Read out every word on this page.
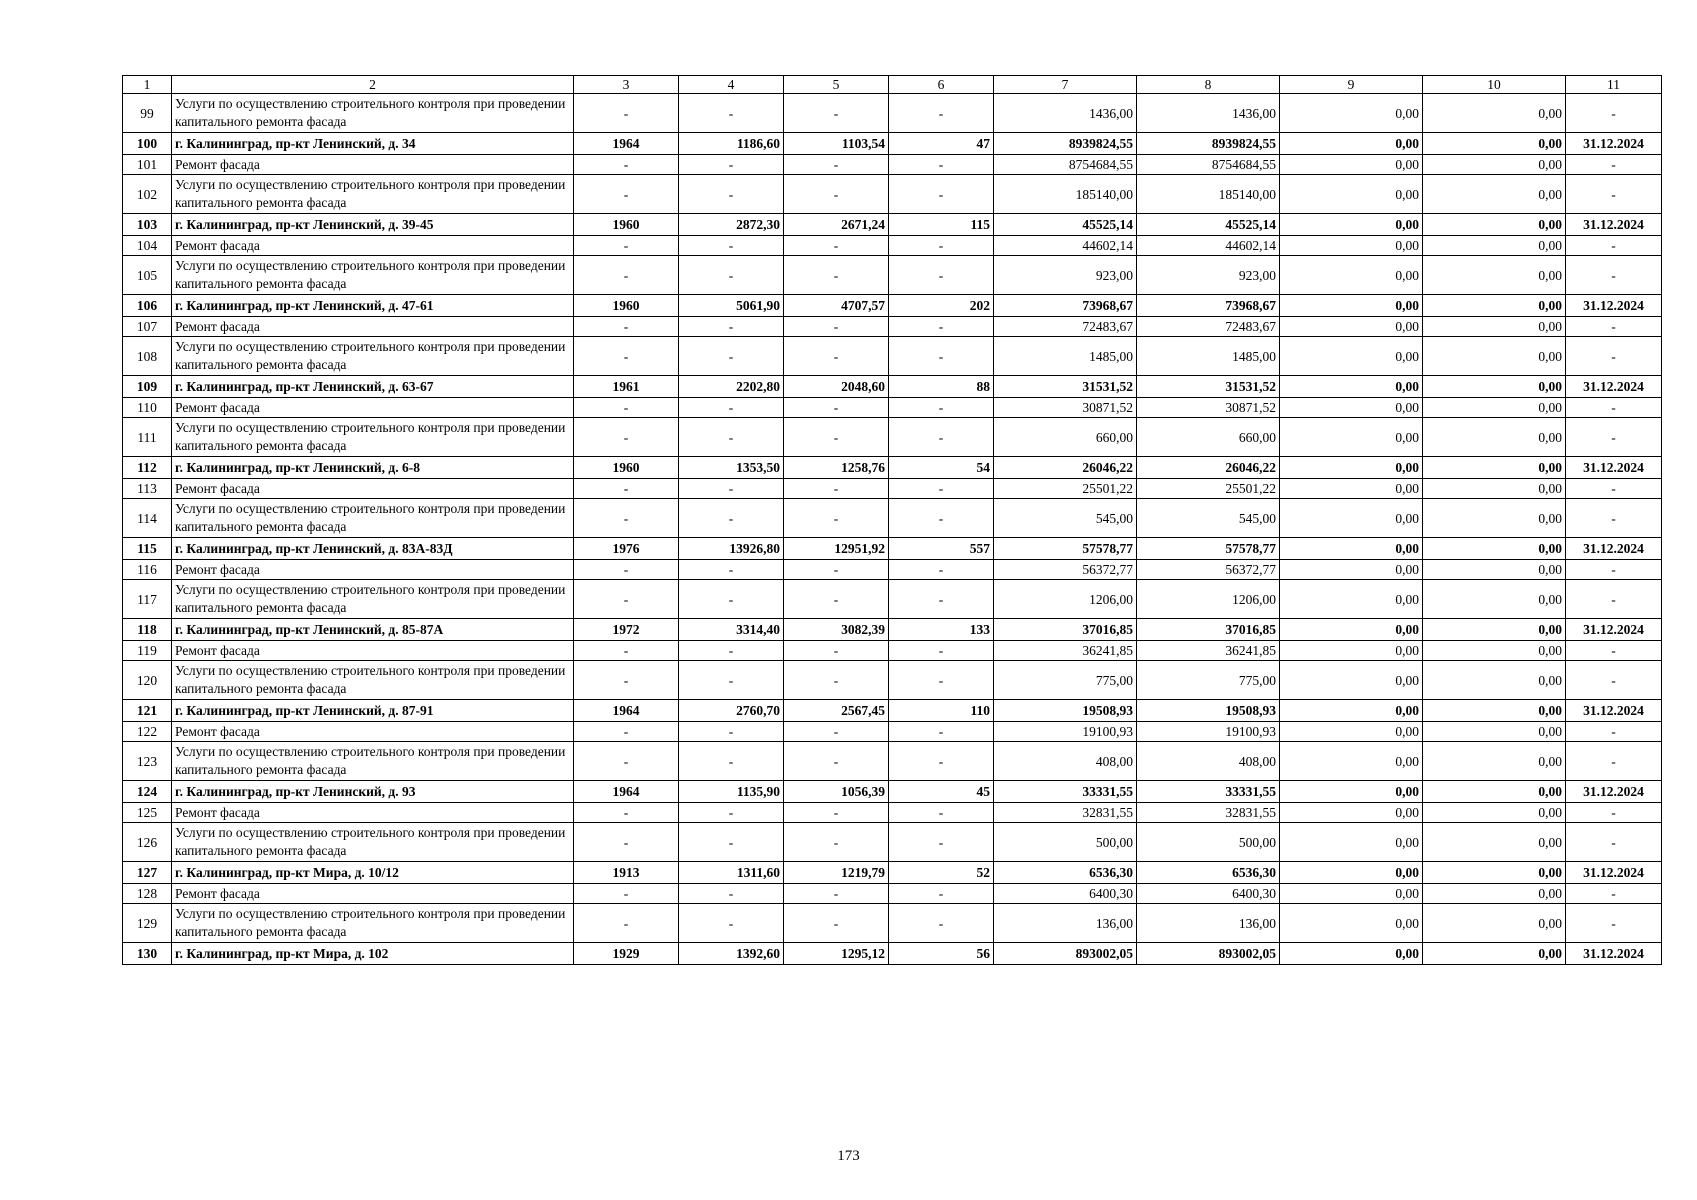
1	2	3	4	5	6	7	8	9	10	11
99	Услуги по осуществлению строительного контроля при проведении капитального ремонта фасада	-	-	-	-	1436,00	1436,00	0,00	0,00	-
100	г. Калининград, пр-кт Ленинский, д. 34	1964	1186,60	1103,54	47	8939824,55	8939824,55	0,00	0,00	31.12.2024
101	Ремонт фасада	-	-	-	-	8754684,55	8754684,55	0,00	0,00	-
102	Услуги по осуществлению строительного контроля при проведении капитального ремонта фасада	-	-	-	-	185140,00	185140,00	0,00	0,00	-
103	г. Калининград, пр-кт Ленинский, д. 39-45	1960	2872,30	2671,24	115	45525,14	45525,14	0,00	0,00	31.12.2024
104	Ремонт фасада	-	-	-	-	44602,14	44602,14	0,00	0,00	-
105	Услуги по осуществлению строительного контроля при проведении капитального ремонта фасада	-	-	-	-	923,00	923,00	0,00	0,00	-
106	г. Калининград, пр-кт Ленинский, д. 47-61	1960	5061,90	4707,57	202	73968,67	73968,67	0,00	0,00	31.12.2024
107	Ремонт фасада	-	-	-	-	72483,67	72483,67	0,00	0,00	-
108	Услуги по осуществлению строительного контроля при проведении капитального ремонта фасада	-	-	-	-	1485,00	1485,00	0,00	0,00	-
109	г. Калининград, пр-кт Ленинский, д. 63-67	1961	2202,80	2048,60	88	31531,52	31531,52	0,00	0,00	31.12.2024
110	Ремонт фасада	-	-	-	-	30871,52	30871,52	0,00	0,00	-
111	Услуги по осуществлению строительного контроля при проведении капитального ремонта фасада	-	-	-	-	660,00	660,00	0,00	0,00	-
112	г. Калининград, пр-кт Ленинский, д. 6-8	1960	1353,50	1258,76	54	26046,22	26046,22	0,00	0,00	31.12.2024
113	Ремонт фасада	-	-	-	-	25501,22	25501,22	0,00	0,00	-
114	Услуги по осуществлению строительного контроля при проведении капитального ремонта фасада	-	-	-	-	545,00	545,00	0,00	0,00	-
115	г. Калининград, пр-кт Ленинский, д. 83А-83Д	1976	13926,80	12951,92	557	57578,77	57578,77	0,00	0,00	31.12.2024
116	Ремонт фасада	-	-	-	-	56372,77	56372,77	0,00	0,00	-
117	Услуги по осуществлению строительного контроля при проведении капитального ремонта фасада	-	-	-	-	1206,00	1206,00	0,00	0,00	-
118	г. Калининград, пр-кт Ленинский, д. 85-87А	1972	3314,40	3082,39	133	37016,85	37016,85	0,00	0,00	31.12.2024
119	Ремонт фасада	-	-	-	-	36241,85	36241,85	0,00	0,00	-
120	Услуги по осуществлению строительного контроля при проведении капитального ремонта фасада	-	-	-	-	775,00	775,00	0,00	0,00	-
121	г. Калининград, пр-кт Ленинский, д. 87-91	1964	2760,70	2567,45	110	19508,93	19508,93	0,00	0,00	31.12.2024
122	Ремонт фасада	-	-	-	-	19100,93	19100,93	0,00	0,00	-
123	Услуги по осуществлению строительного контроля при проведении капитального ремонта фасада	-	-	-	-	408,00	408,00	0,00	0,00	-
124	г. Калининград, пр-кт Ленинский, д. 93	1964	1135,90	1056,39	45	33331,55	33331,55	0,00	0,00	31.12.2024
125	Ремонт фасада	-	-	-	-	32831,55	32831,55	0,00	0,00	-
126	Услуги по осуществлению строительного контроля при проведении капитального ремонта фасада	-	-	-	-	500,00	500,00	0,00	0,00	-
127	г. Калининград, пр-кт Мира, д. 10/12	1913	1311,60	1219,79	52	6536,30	6536,30	0,00	0,00	31.12.2024
128	Ремонт фасада	-	-	-	-	6400,30	6400,30	0,00	0,00	-
129	Услуги по осуществлению строительного контроля при проведении капитального ремонта фасада	-	-	-	-	136,00	136,00	0,00	0,00	-
130	г. Калининград, пр-кт Мира, д. 102	1929	1392,60	1295,12	56	893002,05	893002,05	0,00	0,00	31.12.2024
173
